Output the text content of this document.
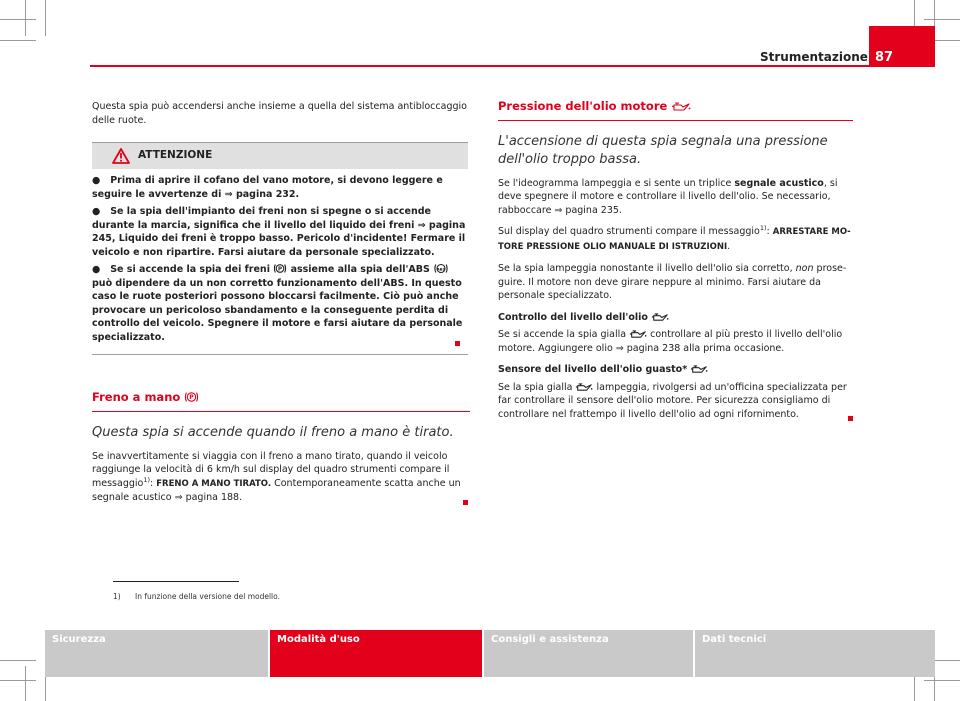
Strumentazione 87

Questa spia può accendersi anche insieme a quella del sistema antibloccaggio delle ruote.

ATTENZIONE

●   Prima di aprire il cofano del vano motore, si devono leggere e seguire le avvertenze di ⇒ pagina 232.

●   Se la spia dell'impianto dei freni non si spegne o si accende durante la marcia, significa che il livello del liquido dei freni ⇒ pagina 245, Liquido dei freni è troppo basso. Pericolo d'incidente! Fermare il veicolo e non ripartire. Farsi aiutare da personale specializzato.

●   Se si accende la spia dei freni P assieme alla spia dell'ABS ABS
può dipendere da un non corretto funzionamento dell'ABS. In questo caso le ruote posteriori possono bloccarsi facilmente. Ciò può anche provocare un pericoloso sbandamento e la conseguente perdita di controllo del veicolo. Spegnere il motore e farsi aiutare da personale specializzato.

Freno a mano P

Questa spia si accende quando il freno a mano è tirato.

Se inavvertitamente si viaggia con il freno a mano tirato, quando il veicolo raggiunge la velocità di 6 km/h sul display del quadro strumenti compare il messaggio$^{1)}$: FRENO A MANO TIRATO. Contemporaneamente scatta anche un segnale acustico ⇒ pagina 188.

Pressione dell'olio motore

L'accensione di questa spia segnala una pressione dell'olio troppo bassa.

Se l'ideogramma lampeggia e si sente un triplice segnale acustico, si deve spegnere il motore e controllare il livello dell'olio. Se necessario, rabboccare ⇒ pagina 235.

Sul display del quadro strumenti compare il messaggio$^{1)}$: ARRESTARE MOTORE PRESSIONE OLIO MANUALE DI ISTRUZIONI.

Se la spia lampeggia nonostante il livello dell'olio sia corretto, non proseguire. Il motore non deve girare neppure al minimo. Farsi aiutare da personale specializzato.

Controllo del livello dell'olio

Se si accende la spia gialla	controllare al più presto il livello dell'olio motore. Aggiungere olio ⇒ pagina 238 alla prima occasione.

Sensore del livello dell'olio guasto*

Se la spia gialla	lampeggia, rivolgersi ad un'officina specializzata per far controllare il sensore dell'olio motore. Per sicurezza consigliamo di controllare nel frattempo il livello dell'olio ad ogni rifornimento.

1) In funzione della versione del modello.
Sicurezza	Modalità d'uso	Consigli e assistenza	Dati tecnici
